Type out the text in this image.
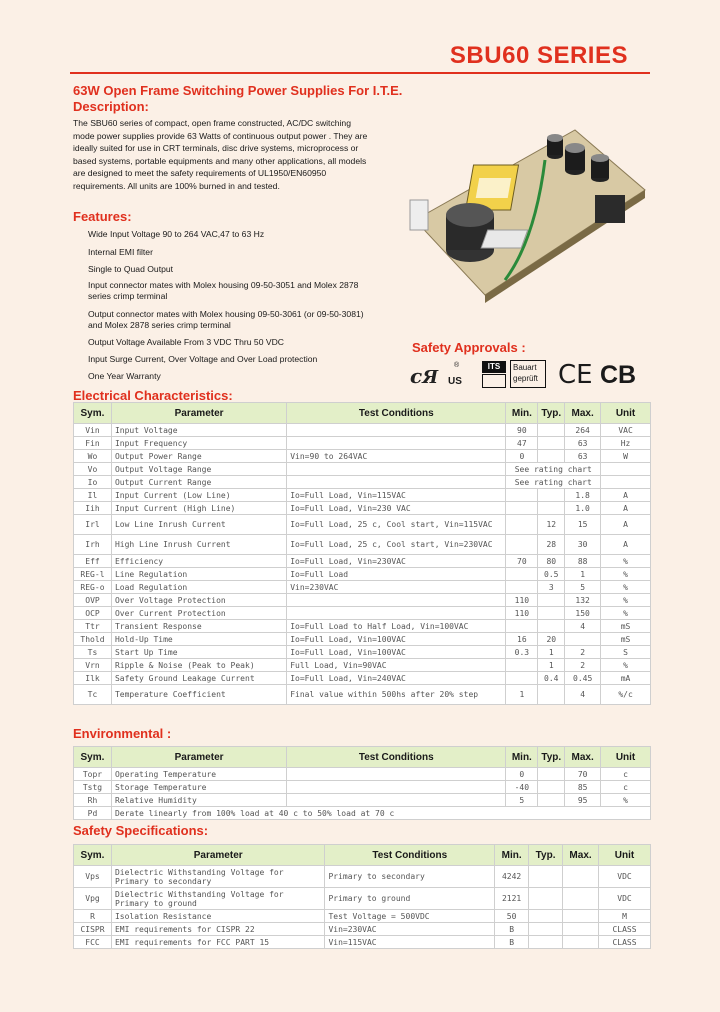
SBU60 SERIES
63W Open Frame Switching Power Supplies For I.T.E.
Description:
The SBU60 series of compact, open frame constructed, AC/DC switching mode power supplies provide 63 Watts of continuous output power . They are ideally suited for use in CRT terminals, disc drive systems, microprocess or based systems, portable equipments and many other applications, all models are designed to meet the safety requirements of UL1950/EN60950 requirements. All units are 100% burned in and tested.
Features:
Wide Input Voltage 90 to 264 VAC,47 to 63 Hz
Internal EMI filter
Single to Quad Output
Input connector mates with Molex housing 09-50-3051 and Molex 2878 series crimp terminal
Output connector mates with Molex housing 09-50-3061 (or 09-50-3081) and Molex 2878 series crimp terminal
Output Voltage Available From 3 VDC Thru 50 VDC
Input Surge Current, Over Voltage and Over Load protection
One Year Warranty
Safety Approvals :
cЯ US
®	ITS	Bauart
geprüft CE CB
Electrical Characteristics:
Sym.	Parameter	Test Conditions	Min.	Typ.	Max.	Unit
Vin	Input Voltage		90		264	VAC
Fin	Input Frequency		47		63	Hz
Wo	Output Power Range	Vin=90 to 264VAC	0		63	W
Vo	Output Voltage Range		See rating chart			
Io	Output Current Range		See rating chart			
Il	Input Current (Low Line)	Io=Full Load, Vin=115VAC			1.8	A
Iih	Input Current (High Line)	Io=Full Load, Vin=230 VAC			1.0	A
Irl	Low Line Inrush Current	Io=Full Load, 25 c, Cool start, Vin=115VAC		12	15	A
Irh	High Line Inrush Current	Io=Full Load, 25 c, Cool start, Vin=230VAC		28	30	A
Eff	Efficiency	Io=Full Load, Vin=230VAC	70	80	88	%
REG-l	Line Regulation	Io=Full Load		0.5	1	%
REG-o	Load Regulation	Vin=230VAC		3	5	%
OVP	Over Voltage Protection		110		132	%
OCP	Over Current Protection		110		150	%
Ttr	Transient Response	Io=Full Load to Half Load, Vin=100VAC			4	mS
Thold	Hold-Up Time	Io=Full Load, Vin=100VAC	16	20		mS
Ts	Start Up Time	Io=Full Load, Vin=100VAC	0.3	1	2	S
Vrn	Ripple & Noise (Peak to Peak)	Full Load, Vin=90VAC		1	2	%
Ilk	Safety Ground Leakage Current	Io=Full Load, Vin=240VAC		0.4	0.45	mA
Tc	Temperature Coefficient	Final value within 500hs after 20% step	1		4	%/c
Environmental :
Sym.	Parameter	Test Conditions	Min.	Typ.	Max.	Unit
Topr	Operating Temperature		0		70	c
Tstg	Storage Temperature		-40		85	c
Rh	Relative Humidity		5		95	%
Pd	Derate linearly from 100% load at 40 c to 50% load at 70 c					
Safety Specifications:
Sym.	Parameter	Test Conditions	Min.	Typ.	Max.	Unit
Vps	Dielectric Withstanding Voltage for Primary to secondary	Primary to secondary	4242			VDC
Vpg	Dielectric Withstanding Voltage for Primary to ground	Primary to ground	2121			VDC
R	Isolation Resistance	Test Voltage = 500VDC	50			M
CISPR	EMI requirements for CISPR 22	Vin=230VAC	B			CLASS
FCC	EMI requirements for FCC PART 15	Vin=115VAC	B			CLASS
